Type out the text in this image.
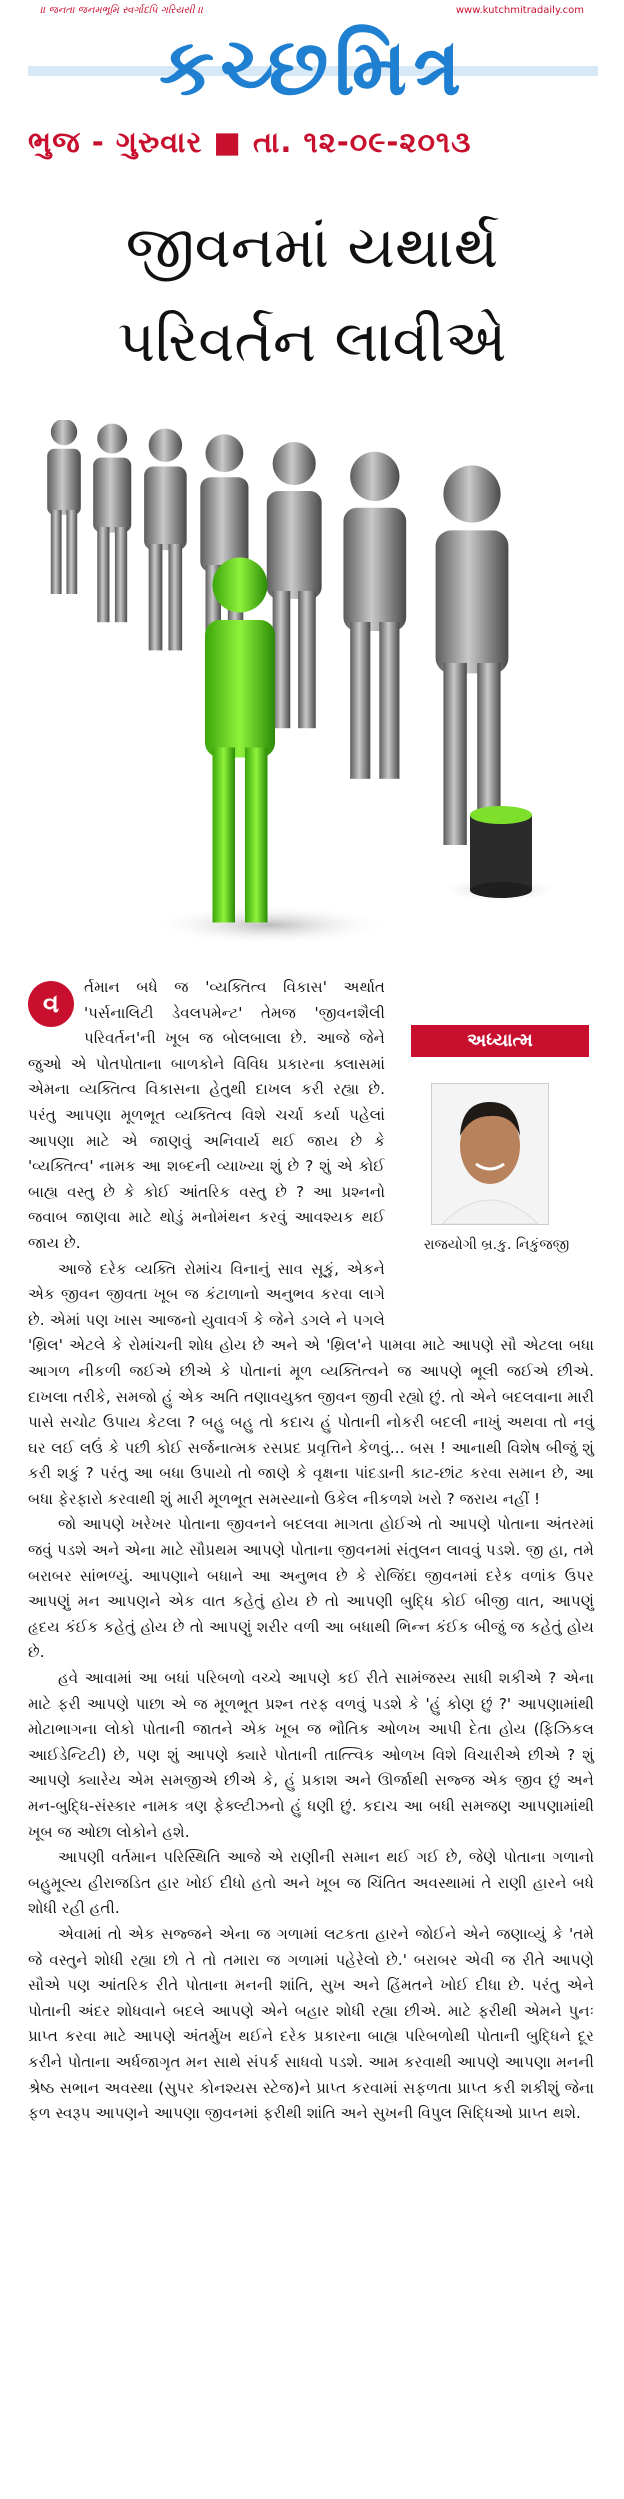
।। જનતા જનમભૂમિ સ્વર્ગાદપિ ગરિયસી ।।	www.kutchmitradaily.com
કચ્છમિત્ર
ભુજ - ગુરુવાર ■ તા. ૧૨-૦૯-૨૦૧૩
જીવનમાં યથાર્થ
પરિવર્તન લાવીએ
વ
અધ્યાત્મ
રાજયોગી બ્ર.કુ. નિકુંજજી

ર્તમાન બધે જ 'વ્યક્તિત્વ વિકાસ' અર્થાત 'પર્સનાલિટી ડેવલપમેન્ટ' તેમજ 'જીવનશૈલી પરિવર્તન'ની ખૂબ જ બોલબાલા છે. આજે જેને જુઓ એ પોતપોતાના બાળકોને વિવિધ પ્રકારના ક્લાસમાં એમના વ્યક્તિત્વ વિકાસના હેતુથી દાખલ કરી રહ્યા છે. પરંતુ આપણા મૂળભૂત વ્યક્તિત્વ વિશે ચર્ચા કર્યા પહેલાં આપણા માટે એ જાણવું અનિવાર્ય થઈ જાય છે કે 'વ્યક્તિત્વ' નામક આ શબ્દની વ્યાખ્યા શું છે ? શું એ કોઈ બાહ્ય વસ્તુ છે કે કોઈ આંતરિક વસ્તુ છે ? આ પ્રશ્નનો જવાબ જાણવા માટે થોડું મનોમંથન કરવું આવશ્યક થઈ જાય છે.

આજે દરેક વ્યક્તિ રોમાંચ વિનાનું સાવ સૂકું, એકને એક જીવન જીવતા ખૂબ જ કંટાળાનો અનુભવ કરવા લાગે છે. એમાં પણ ખાસ આજનો યુવાવર્ગ કે જેને ડગલે ને પગલે 'થ્રિલ' એટલે કે રોમાંચની શોધ હોય છે અને એ 'થ્રિલ'ને પામવા માટે આપણે સૌ એટલા બધા આગળ નીકળી જઈએ છીએ કે પોતાનાં મૂળ વ્યક્તિત્વને જ આપણે ભૂલી જઈએ છીએ. દાખલા તરીકે, સમજો હું એક અતિ તણાવયુક્ત જીવન જીવી રહ્યો છું. તો એને બદલવાના મારી પાસે સચોટ ઉપાય કેટલા ? બહુ બહુ તો કદાચ હું પોતાની નોકરી બદલી નાખું અથવા તો નવું ઘર લઈ લઉં કે પછી કોઈ સર્જનાત્મક રસપ્રદ પ્રવૃત્તિને કેળવું... બસ ! આનાથી વિશેષ બીજું શું કરી શકું ? પરંતુ આ બધા ઉપાયો તો જાણે કે વૃક્ષના પાંદડાની કાટ-છાંટ કરવા સમાન છે, આ બધા ફેરફારો કરવાથી શું મારી મૂળભૂત સમસ્યાનો ઉકેલ નીકળશે ખરો ? જરાય નહીં !

જો આપણે ખરેખર પોતાના જીવનને બદલવા માગતા હોઈએ તો આપણે પોતાના અંતરમાં જવું પડશે અને એના માટે સૌપ્રથમ આપણે પોતાના જીવનમાં સંતુલન લાવવું પડશે. જી હા, તમે બરાબર સાંભળ્યું. આપણાને બધાને આ અનુભવ છે કે રોજિંદા જીવનમાં દરેક વળાંક ઉપર આપણું મન આપણને એક વાત કહેતું હોય છે તો આપણી બુદ્ધિ કોઈ બીજી વાત, આપણું હૃદય કંઈક કહેતું હોય છે તો આપણું શરીર વળી આ બધાથી ભિન્ન કંઈક બીજું જ કહેતું હોય છે.

હવે આવામાં આ બધાં પરિબળો વચ્ચે આપણે કઈ રીતે સામંજસ્ય સાધી શકીએ ? એના માટે ફરી આપણે પાછા એ જ મૂળભૂત પ્રશ્ન તરફ વળવું પડશે કે 'હું કોણ છું ?' આપણામાંથી મોટાભાગના લોકો પોતાની જાતને એક ખૂબ જ ભૌતિક ઓળખ આપી દેતા હોય (ફિઝિકલ આઈડેન્ટિટી) છે, પણ શું આપણે ક્યારે પોતાની તાત્ત્વિક ઓળખ વિશે વિચારીએ છીએ ? શું આપણે ક્યારેય એમ સમજીએ છીએ કે, હું પ્રકાશ અને ઊર્જાથી સજ્જ એક જીવ છું અને મન-બુદ્ધિ-સંસ્કાર નામક ત્રણ ફેક્લ્ટીઝનો હું ધણી છું. કદાચ આ બધી સમજણ આપણામાંથી ખૂબ જ ઓછા લોકોને હશે.

આપણી વર્તમાન પરિસ્થિતિ આજે એ રાણીની સમાન થઈ ગઈ છે, જેણે પોતાના ગળાનો બહુમૂલ્ય હીરાજડિત હાર ખોઈ દીધો હતો અને ખૂબ જ ચિંતિત અવસ્થામાં તે રાણી હારને બધે શોધી રહી હતી.

એવામાં તો એક સજ્જને એના જ ગળામાં લટકતા હારને જોઈને એને જણાવ્યું કે 'તમે જે વસ્તુને શોધી રહ્યા છો તે તો તમારા જ ગળામાં પહેરેલો છે.' બરાબર એવી જ રીતે આપણે સૌએ પણ આંતરિક રીતે પોતાના મનની શાંતિ, સુખ અને હિંમતને ખોઈ દીધા છે. પરંતુ એને પોતાની અંદર શોધવાને બદલે આપણે એને બહાર શોધી રહ્યા છીએ. માટે ફરીથી એમને પુનઃ પ્રાપ્ત કરવા માટે આપણે અંતર્મુખ થઈને દરેક પ્રકારના બાહ્ય પરિબળોથી પોતાની બુદ્ધિને દૂર કરીને પોતાના અર્ધજાગૃત મન સાથે સંપર્ક સાધવો પડશે. આમ કરવાથી આપણે આપણા મનની શ્રેષ્ઠ સભાન અવસ્થા (સુપર કોનશ્યસ સ્ટેજ)ને પ્રાપ્ત કરવામાં સફળતા પ્રાપ્ત કરી શકીશું જેના ફળ સ્વરૂપ આપણને આપણા જીવનમાં ફરીથી શાંતિ અને સુખની વિપુલ સિદ્ધિઓ પ્રાપ્ત થશે.
